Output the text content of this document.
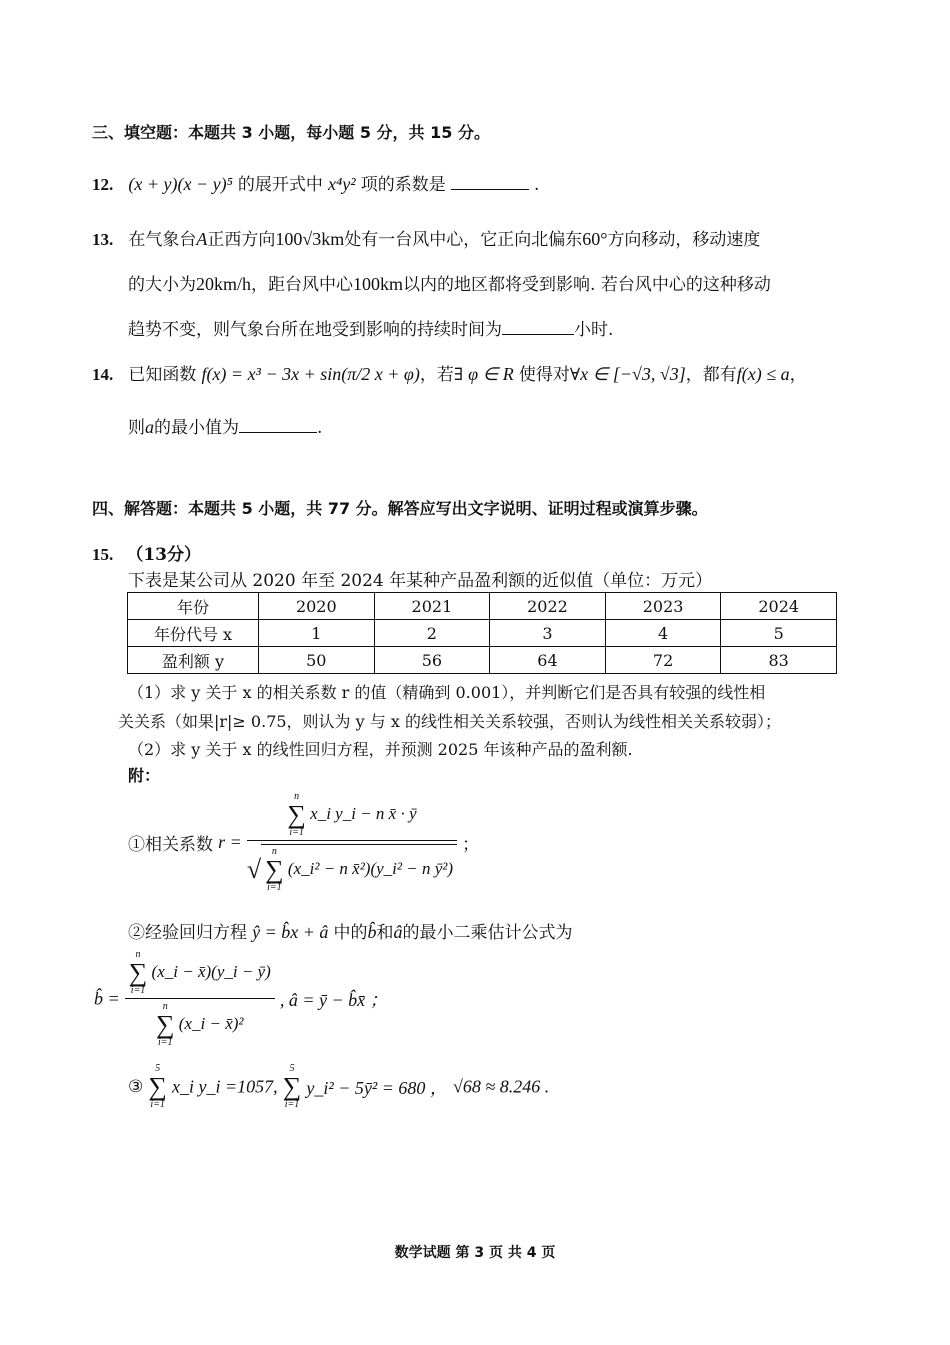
三、填空题：本题共 3 小题，每小题 5 分，共 15 分。
12. (x + y)(x − y)⁵ 的展开式中 x⁴y² 项的系数是	.
13. 在气象台A正西方向100√3km处有一台风中心，它正向北偏东60°方向移动，移动速度
的大小为20km/h，距台风中心100km以内的地区都将受到影响. 若台风中心的这种移动
趋势不变，则气象台所在地受到影响的持续时间为	小时.
14. 已知函数 f(x) = x³ − 3x + sin(π/2 x + φ)，若∃ φ ∈ R 使得对∀x ∈ [−√3, √3]，都有f(x) ≤ a，
则a的最小值为	.
四、解答题：本题共 5 小题，共 77 分。解答应写出文字说明、证明过程或演算步骤。
15. （13分）
下表是某公司从 2020 年至 2024 年某种产品盈利额的近似值（单位：万元）
年份	2020	2021	2022	2023	2024
年份代号 x	1	2	3	4	5
盈利额 y	50	56	64	72	83
（1）求 y 关于 x 的相关系数 r 的值（精确到 0.001），并判断它们是否具有较强的线性相
关关系（如果|r|≥ 0.75，则认为 y 与 x 的线性相关关系较强，否则认为线性相关关系较弱）；
（2）求 y 关于 x 的线性回归方程，并预测 2025 年该种产品的盈利额.
附：
①相关系数 r = n
∑
i=1
x_i y_i − n x̄ · ȳ
√
n
∑
i=1
(x_i² − n x̄²)(y_i² − n ȳ²) ；
②经验回归方程 ŷ = b̂x + â 中的b̂和â的最小二乘估计公式为
b̂ = n
∑
i=1
(x_i − x̄)(y_i − ȳ)
n
∑
i=1
(x_i − x̄)² , â = ȳ − b̂x̄ ；
③
5
∑
i=1
x_i y_i =1057,
5
∑
i=1
y_i² − 5ȳ² = 680 ， √68 ≈ 8.246 .
数学试题 第 3 页 共 4 页
